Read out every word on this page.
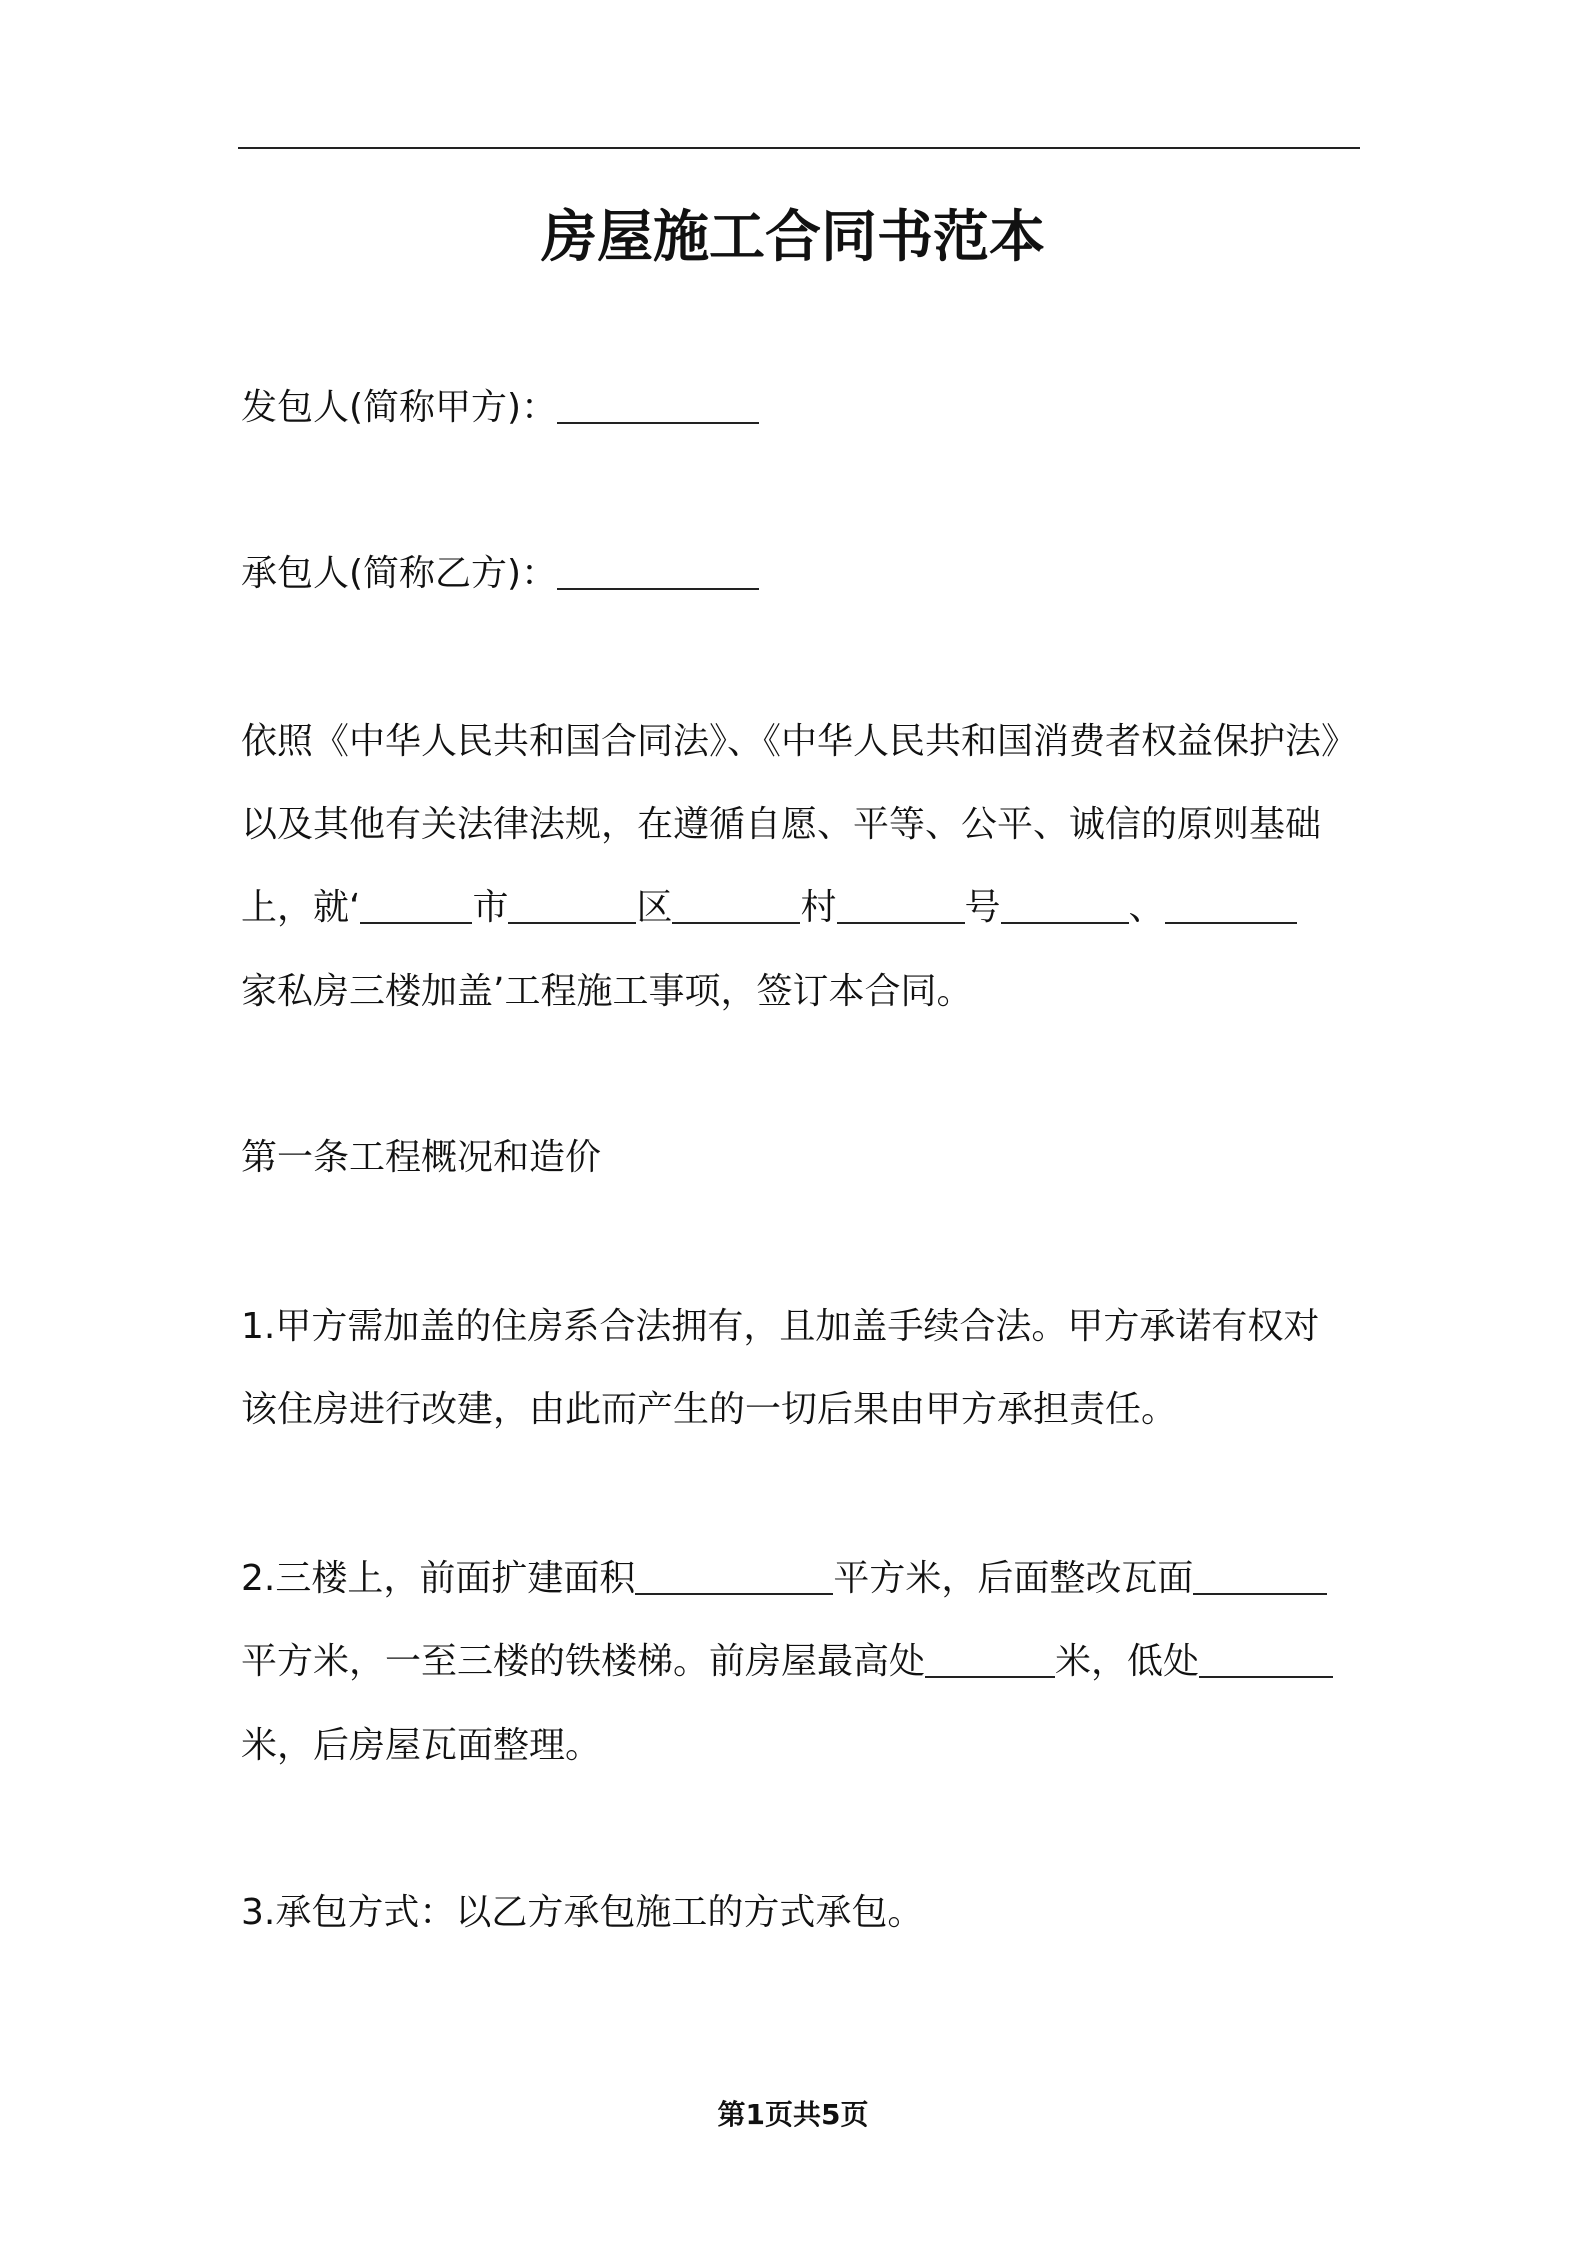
房屋施工合同书范本
发包人(简称甲方)：
承包人(简称乙方)：
依照《中华人民共和国合同法》、《中华人民共和国消费者权益保护法》
以及其他有关法律法规，在遵循自愿、平等、公平、诚信的原则基础
上，就‘	市	区	村	号	、
家私房三楼加盖’工程施工事项，签订本合同。
第一条工程概况和造价
1.甲方需加盖的住房系合法拥有，且加盖手续合法。甲方承诺有权对
该住房进行改建，由此而产生的一切后果由甲方承担责任。
2.三楼上，前面扩建面积	平方米，后面整改瓦面
平方米，一至三楼的铁楼梯。前房屋最高处	米，低处
米，后房屋瓦面整理。
3.承包方式：以乙方承包施工的方式承包。
第1页共5页
